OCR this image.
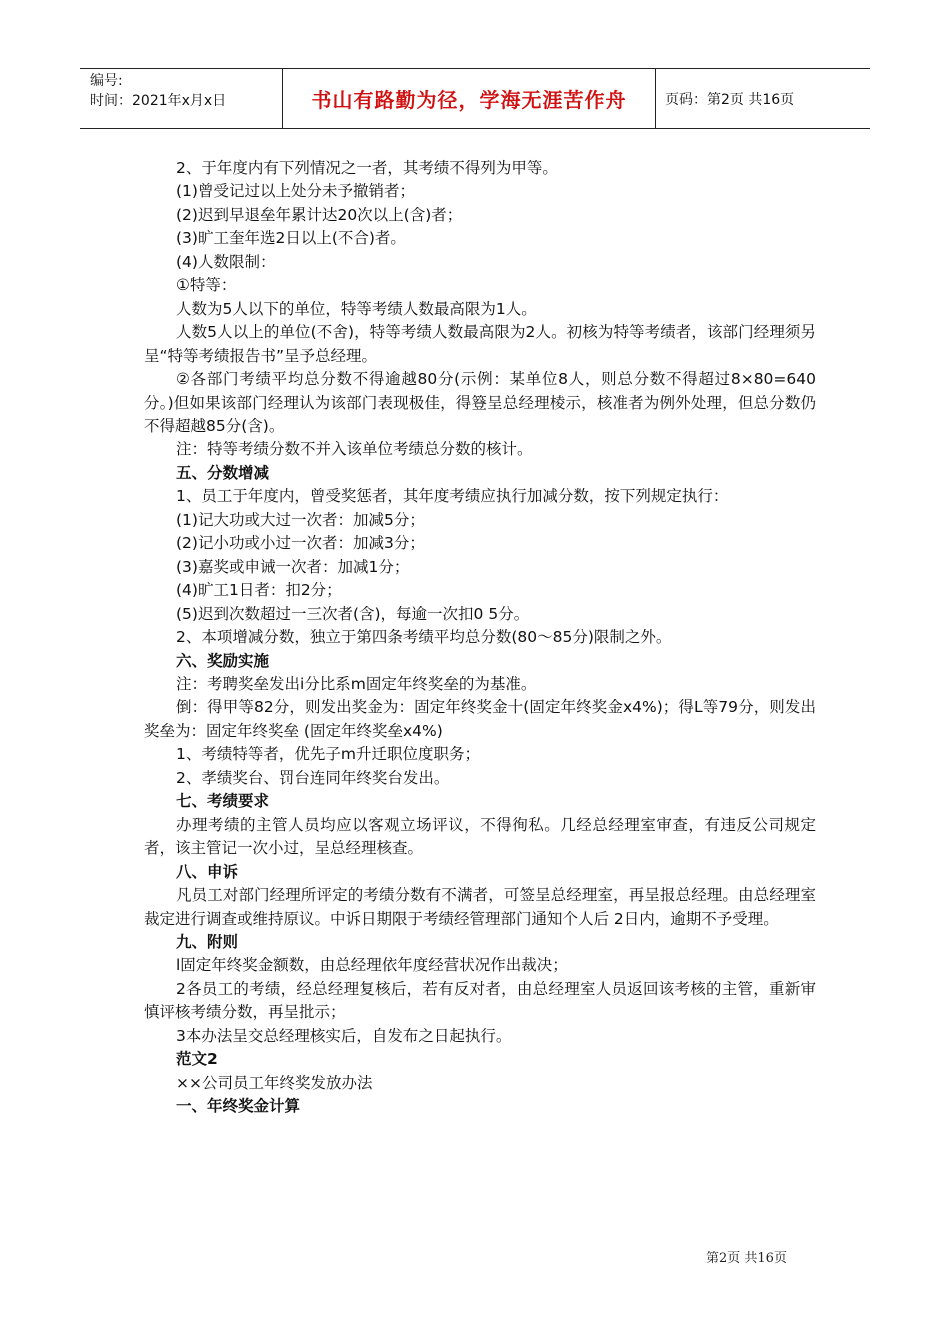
编号:
时间：2021年x月x日	书山有路勤为径，学海无涯苦作舟	页码：第2页 共16页

2、于年度内有下列情况之一者，其考绩不得列为甲等。

(1)曾受记过以上处分未予撤销者；

(2)迟到早退垒年累计达20次以上(含)者；

(3)旷工奎年选2日以上(不合)者。

(4)人数限制：

①特等：

人数为5人以下的单位，特等考绩人数最高限为1人。

人数5人以上的单位(不舍)，特等考绩人数最高限为2人。初核为特等考绩者，该部门经理须另呈“特等考绩报告书”呈予总经理。

②各部门考绩平均总分数不得逾越80分(示例：某单位8人，则总分数不得超过8×80=640分。)但如果该部门经理认为该部门表现极佳，得簦呈总经理棱示，核准者为例外处理，但总分数仍不得超越85分(含)。

注：特等考绩分数不并入该单位考绩总分数的核计。

五、分数增减

1、员工于年度内，曾受奖惩者，其年度考绩应执行加减分数，按下列规定执行：

(1)记大功或大过一次者：加减5分；

(2)记小功或小过一次者：加减3分；

(3)嘉奖或申诫一次者：加减1分；

(4)旷工1日者：扣2分；

(5)迟到次数超过一三次者(含)，每逾一次扣0 5分。

2、本项增减分数，独立于第四条考绩平均总分数(80～85分)限制之外。

六、奖励实施

注：考聘奖垒发出i分比系m固定年终奖垒的为基准。

倒：得甲等82分，则发出奖金为：固定年终奖金十(固定年终奖金x4%)；得L等79分，则发出奖垒为：固定年终奖垒 (固定年终奖垒x4%)

1、考绩特等者，优先子m升迁职位度职务；

2、孝绩奖台、罚台连同年终奖台发出。

七、考绩要求

办理考绩的主管人员均应以客观立场评议，不得徇私。几经总经理室审查，有违反公司规定者，该主管记一次小过，呈总经理核查。

八、申诉

凡员工对部门经理所评定的考绩分数有不满者，可签呈总经理室，再呈报总经理。由总经理室裁定进行调查或维持原议。中诉日期限于考绩经管理部门通知个人后 2日内，逾期不予受理。

九、附则

l固定年终奖金额数，由总经理依年度经营状况作出裁决；

2各员工的考绩，经总经理复核后，若有反对者，由总经理室人员返回该考核的主管，重新审慎评核考绩分数，再呈批示；

3本办法呈交总经理核实后，自发布之日起执行。

范文2

××公司员工年终奖发放办法

一、年终奖金计算

第2页 共16页
